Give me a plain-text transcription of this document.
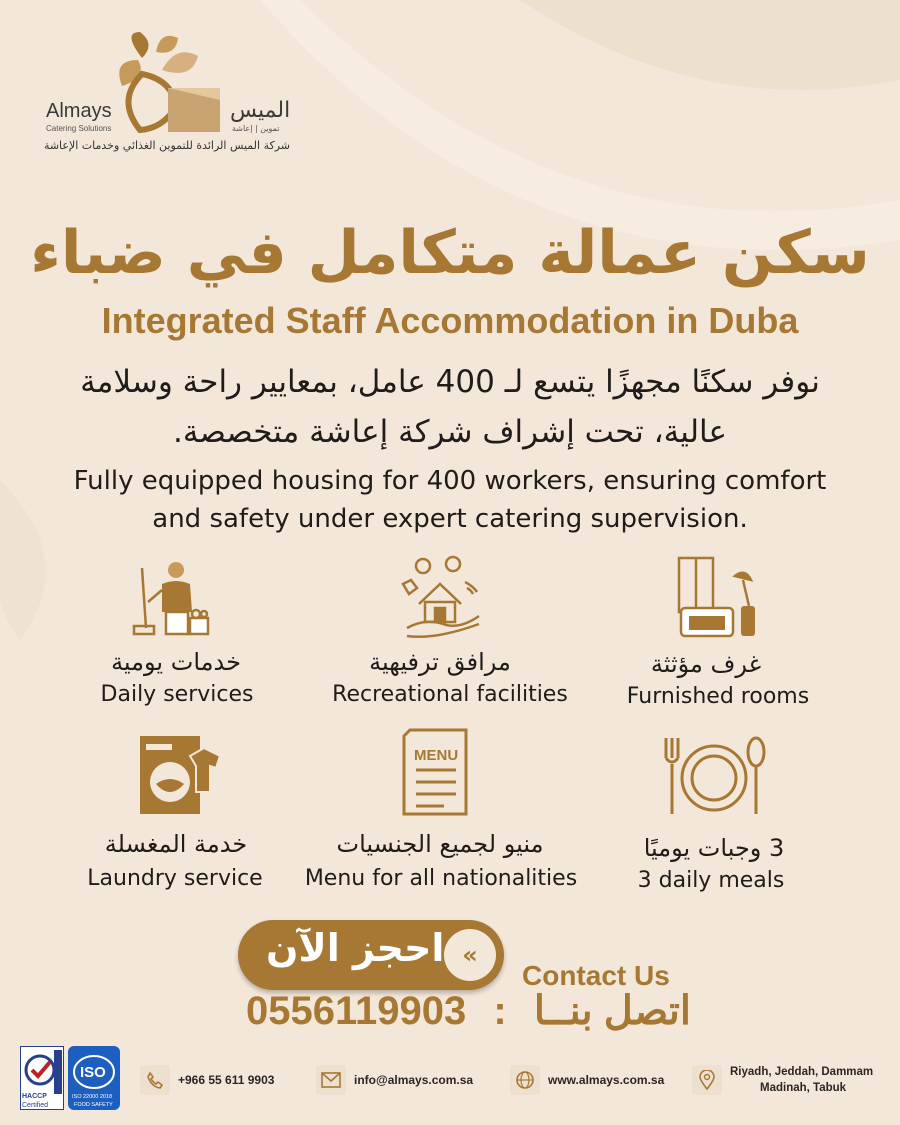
Almays
Catering Solutions
الميس
تموين | إعاشة
شركة الميس الرائدة للتموين الغذائي وخدمات الإعاشة
سكن عمالة متكامل في ضباء
Integrated Staff Accommodation in Duba
نوفر سكنًا مجهزًا يتسع لـ 400 عامل، بمعايير راحة وسلامة
عالية، تحت إشراف شركة إعاشة متخصصة.
Fully equipped housing for 400 workers, ensuring comfort
and safety under expert catering supervision.
MENU
خدمات يومية
Daily services
مرافق ترفيهية
Recreational facilities
غرف مؤثثة
Furnished rooms
خدمة المغسلة
Laundry service
منيو لجميع الجنسيات
Menu for all nationalities
3 وجبات يوميًا
3 daily meals
احجز الآن «
Contact Us
0556119903 : اتصل بنــا
HACCP
Certified
ISO
ISO 22000 2018
FOOD SAFETY
+966 55 611 9903	info@almays.com.sa	www.almays.com.sa
Riyadh, Jeddah, Dammam
Madinah, Tabuk
